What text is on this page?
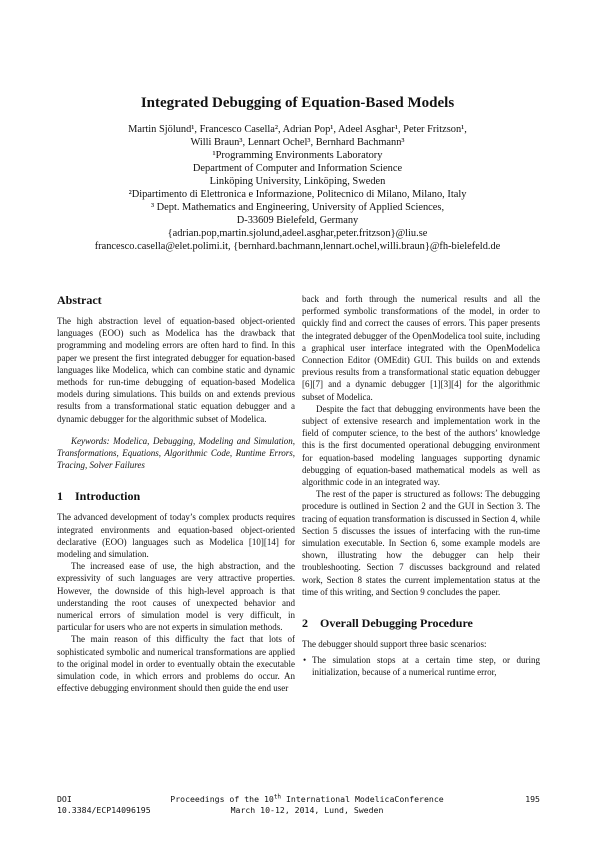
Integrated Debugging of Equation-Based Models
Martin Sjölund¹, Francesco Casella², Adrian Pop¹, Adeel Asghar¹, Peter Fritzson¹,
Willi Braun³, Lennart Ochel³, Bernhard Bachmann³
¹Programming Environments Laboratory
Department of Computer and Information Science
Linköping University, Linköping, Sweden
²Dipartimento di Elettronica e Informazione, Politecnico di Milano, Milano, Italy
³ Dept. Mathematics and Engineering, University of Applied Sciences,
D-33609 Bielefeld, Germany
{adrian.pop,martin.sjolund,adeel.asghar,peter.fritzson}@liu.se
francesco.casella@elet.polimi.it, {bernhard.bachmann,lennart.ochel,willi.braun}@fh-bielefeld.de
Abstract

The high abstraction level of equation-based object-oriented languages (EOO) such as Modelica has the drawback that programming and modeling errors are often hard to find. In this paper we present the first integrated debugger for equation-based languages like Modelica, which can combine static and dynamic methods for run-time debugging of equation-based Modelica models during simulations. This builds on and extends previous results from a transformational static equation debugger and a dynamic debugger for the algorithmic subset of Modelica.

Keywords: Modelica, Debugging, Modeling and Simulation, Transformations, Equations, Algorithmic Code, Runtime Errors, Tracing, Solver Failures

1 Introduction

The advanced development of today’s complex products requires integrated environments and equation-based object-oriented declarative (EOO) languages such as Modelica [10][14] for modeling and simulation.

The increased ease of use, the high abstraction, and the expressivity of such languages are very attractive properties. However, the downside of this high-level approach is that understanding the root causes of unexpected behavior and numerical errors of simulation model is very difficult, in particular for users who are not experts in simulation methods.

The main reason of this difficulty the fact that lots of sophisticated symbolic and numerical transformations are applied to the original model in order to eventually obtain the executable simulation code, in which errors and problems do occur. An effective debugging environment should then guide the end user

back and forth through the numerical results and all the performed symbolic transformations of the model, in order to quickly find and correct the causes of errors. This paper presents the integrated debugger of the OpenModelica tool suite, including a graphical user interface integrated with the OpenModelica Connection Editor (OMEdit) GUI. This builds on and extends previous results from a transformational static equation debugger [6][7] and a dynamic debugger [1][3][4] for the algorithmic subset of Modelica.

Despite the fact that debugging environments have been the subject of extensive research and implementation work in the field of computer science, to the best of the authors’ knowledge this is the first documented operational debugging environment for equation-based modeling languages supporting dynamic debugging of equation-based mathematical models as well as algorithmic code in an integrated way.

The rest of the paper is structured as follows: The debugging procedure is outlined in Section 2 and the GUI in Section 3. The tracing of equation transformation is discussed in Section 4, while Section 5 discusses the issues of interfacing with the run-time simulation executable. In Section 6, some example models are shown, illustrating how the debugger can help their troubleshooting. Section 7 discusses background and related work, Section 8 states the current implementation status at the time of this writing, and Section 9 concludes the paper.

2 Overall Debugging Procedure

The debugger should support three basic scenarios:

• The simulation stops at a certain time step, or during initialization, because of a numerical runtime error,
DOI
10.3384/ECP14096195
Proceedings of the 10th International ModelicaConference
March 10-12, 2014, Lund, Sweden
195
